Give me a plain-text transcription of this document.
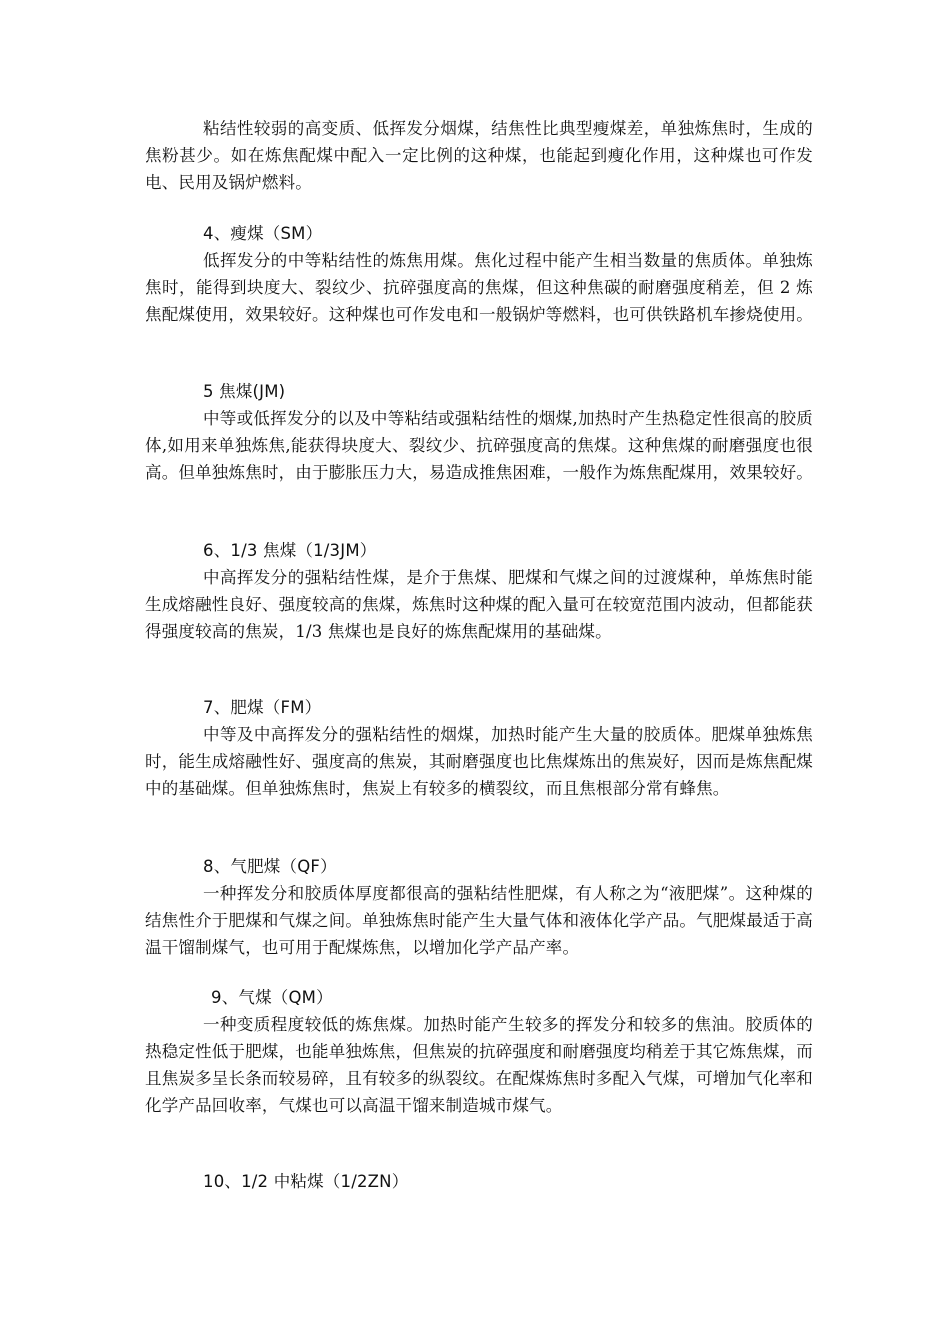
粘结性较弱的高变质、低挥发分烟煤，结焦性比典型瘦煤差，单独炼焦时，生成的焦粉甚少。如在炼焦配煤中配入一定比例的这种煤，也能起到瘦化作用，这种煤也可作发电、民用及锅炉燃料。

4、瘦煤（SM）

低挥发分的中等粘结性的炼焦用煤。焦化过程中能产生相当数量的焦质体。单独炼焦时，能得到块度大、裂纹少、抗碎强度高的焦煤，但这种焦碳的耐磨强度稍差，但 2 炼焦配煤使用，效果较好。这种煤也可作发电和一般锅炉等燃料，也可供铁路机车掺烧使用。

5 焦煤(JM)

中等或低挥发分的以及中等粘结或强粘结性的烟煤,加热时产生热稳定性很高的胶质体,如用来单独炼焦,能获得块度大、裂纹少、抗碎强度高的焦煤。这种焦煤的耐磨强度也很高。但单独炼焦时，由于膨胀压力大，易造成推焦困难，一般作为炼焦配煤用，效果较好。

6、1/3 焦煤（1/3JM）

中高挥发分的强粘结性煤，是介于焦煤、肥煤和气煤之间的过渡煤种，单炼焦时能生成熔融性良好、强度较高的焦煤，炼焦时这种煤的配入量可在较宽范围内波动，但都能获得强度较高的焦炭，1/3 焦煤也是良好的炼焦配煤用的基础煤。

7、肥煤（FM）

中等及中高挥发分的强粘结性的烟煤，加热时能产生大量的胶质体。肥煤单独炼焦时，能生成熔融性好、强度高的焦炭，其耐磨强度也比焦煤炼出的焦炭好，因而是炼焦配煤中的基础煤。但单独炼焦时，焦炭上有较多的横裂纹，而且焦根部分常有蜂焦。

8、气肥煤（QF）

一种挥发分和胶质体厚度都很高的强粘结性肥煤，有人称之为“液肥煤”。这种煤的结焦性介于肥煤和气煤之间。单独炼焦时能产生大量气体和液体化学产品。气肥煤最适于高温干馏制煤气，也可用于配煤炼焦，以增加化学产品产率。

9、气煤（QM）

一种变质程度较低的炼焦煤。加热时能产生较多的挥发分和较多的焦油。胶质体的热稳定性低于肥煤，也能单独炼焦，但焦炭的抗碎强度和耐磨强度均稍差于其它炼焦煤，而且焦炭多呈长条而较易碎，且有较多的纵裂纹。在配煤炼焦时多配入气煤，可增加气化率和化学产品回收率，气煤也可以高温干馏来制造城市煤气。

10、1/2 中粘煤（1/2ZN）
